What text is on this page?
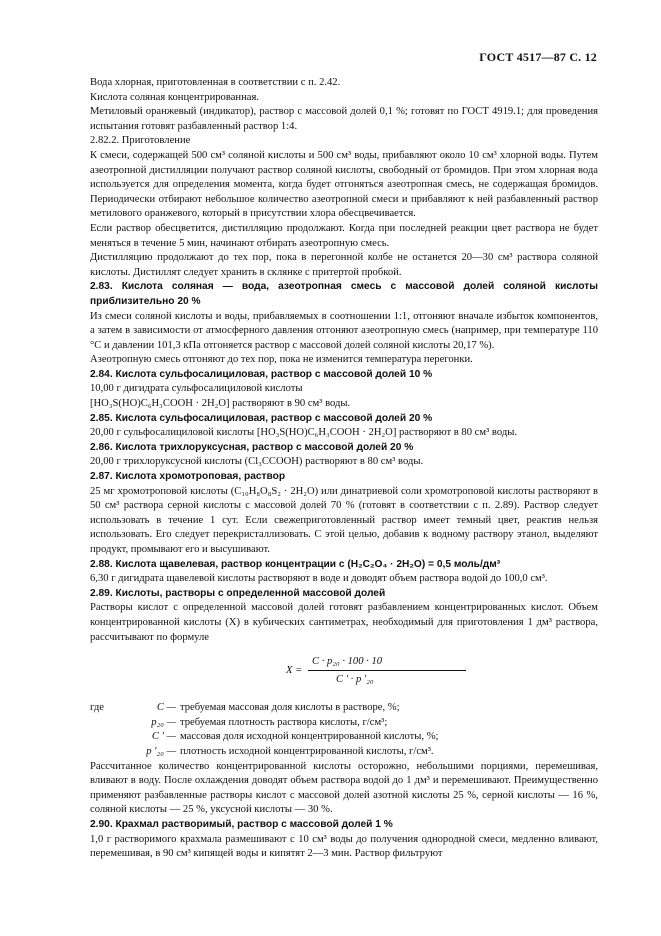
ГОСТ 4517—87 С. 12

Вода хлорная, приготовленная в соответствии с п. 2.42.

Кислота соляная концентрированная.

Метиловый оранжевый (индикатор), раствор с массовой долей 0,1 %; готовят по ГОСТ 4919.1; для проведения испытания готовят разбавленный раствор 1:4.

2.82.2. Приготовление

К смеси, содержащей 500 см³ соляной кислоты и 500 см³ воды, прибавляют около 10 см³ хлорной воды. Путем азеотропной дистилляции получают раствор соляной кислоты, свободный от бромидов. При этом хлорная вода используется для определения момента, когда будет отгоняться азеотропная смесь, не содержащая бромидов. Периодически отбирают небольшое количество азеотропной смеси и прибавляют к ней разбавленный раствор метилового оранжевого, который в присутствии хлора обесцвечивается.

Если раствор обесцветится, дистилляцию продолжают. Когда при последней реакции цвет раствора не будет меняться в течение 5 мин, начинают отбирать азеотропную смесь.

Дистилляцию продолжают до тех пор, пока в перегонной колбе не останется 20—30 см³ раствора соляной кислоты. Дистиллят следует хранить в склянке с притертой пробкой.

2.83. Кислота соляная — вода, азеотропная смесь с массовой долей соляной кислоты приблизительно 20 %

Из смеси соляной кислоты и воды, прибавляемых в соотношении 1:1, отгоняют вначале избыток компонентов, а затем в зависимости от атмосферного давления отгоняют азеотропную смесь (например, при температуре 110 °С и давлении 101,3 кПа отгоняется раствор с массовой долей соляной кислоты 20,17 %).

Азеотропную смесь отгоняют до тех пор, пока не изменится температура перегонки.

2.84. Кислота сульфосалициловая, раствор с массовой долей 10 %

10,00 г дигидрата сульфосалициловой кислоты

[HO₃S(HO)C₆H₃COOH · 2H₂O] растворяют в 90 см³ воды.

2.85. Кислота сульфосалициловая, раствор с массовой долей 20 %

20,00 г сульфосалициловой кислоты [HO₃S(HO)C₆H₃COOH · 2H₂O] растворяют в 80 см³ воды.

2.86. Кислота трихлоруксусная, раствор с массовой долей 20 %

20,00 г трихлоруксусной кислоты (Cl₃CCOOH) растворяют в 80 см³ воды.

2.87. Кислота хромотроповая, раствор

25 мг хромотроповой кислоты (C₁₀H₈O₈S₂ · 2H₂O) или динатриевой соли хромотроповой кислоты растворяют в 50 см³ раствора серной кислоты с массовой долей 70 % (готовят в соответствии с п. 2.89). Раствор следует использовать в течение 1 сут. Если свежеприготовленный раствор имеет темный цвет, реактив нельзя использовать. Его следует перекристаллизовать. С этой целью, добавив к водному раствору этанол, выделяют продукт, промывают его и высушивают.

2.88. Кислота щавелевая, раствор концентрации c (H₂C₂O₄ · 2H₂O) = 0,5 моль/дм³

6,30 г дигидрата щавелевой кислоты растворяют в воде и доводят объем раствора водой до 100,0 см³.

2.89. Кислоты, растворы с определенной массовой долей

Растворы кислот с определенной массовой долей готовят разбавлением концентрированных кислот. Объем концентрированной кислоты (X) в кубических сантиметрах, необходимый для приготовления 1 дм³ раствора, рассчитывают по формуле

X =
C · p₂₀ · 100 · 10
C ′ · p ′₂₀
где	C — требуемая массовая доля кислоты в растворе, %;
p₂₀ — требуемая плотность раствора кислоты, г/см³;
C ′ — массовая доля исходной концентрированной кислоты, %;
p ′₂₀ — плотность исходной концентрированной кислоты, г/см³.

Рассчитанное количество концентрированной кислоты осторожно, небольшими порциями, перемешивая, вливают в воду. После охлаждения доводят объем раствора водой до 1 дм³ и перемешивают. Преимущественно применяют разбавленные растворы кислот с массовой долей азотной кислоты 25 %, серной кислоты — 16 %, соляной кислоты — 25 %, уксусной кислоты — 30 %.

2.90. Крахмал растворимый, раствор с массовой долей 1 %

1,0 г растворимого крахмала размешивают с 10 см³ воды до получения однородной смеси, медленно вливают, перемешивая, в 90 см³ кипящей воды и кипятят 2—3 мин. Раствор фильтруют
